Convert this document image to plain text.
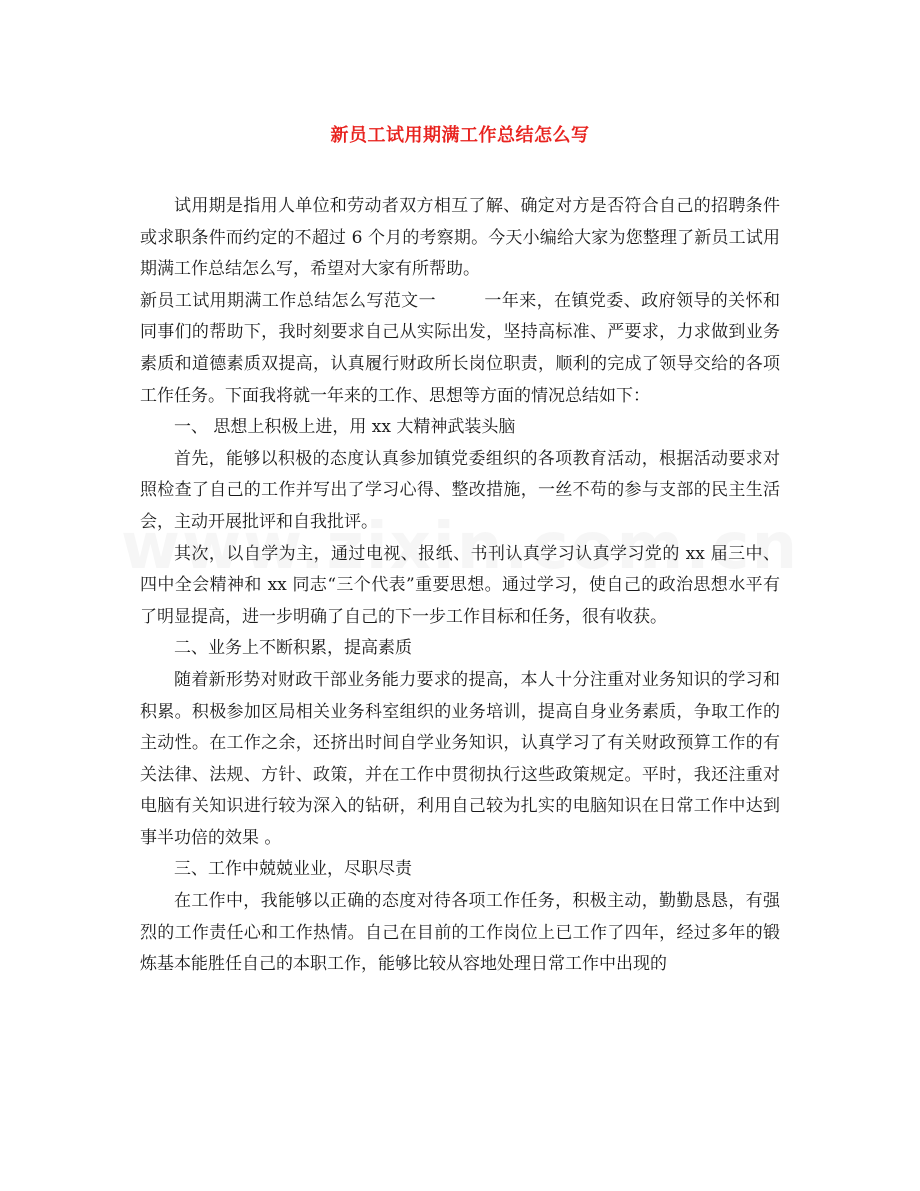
新员工试用期满工作总结怎么写

试用期是指用人单位和劳动者双方相互了解、确定对方是否符合自己的招聘条件或求职条件而约定的不超过 6 个月的考察期。今天小编给大家为您整理了新员工试用期满工作总结怎么写，希望对大家有所帮助。

新员工试用期满工作总结怎么写范文一	一年来，在镇党委、政府领导的关怀和同事们的帮助下，我时刻要求自己从实际出发，坚持高标准、严要求，力求做到业务素质和道德素质双提高，认真履行财政所长岗位职责，顺利的完成了领导交给的各项工作任务。下面我将就一年来的工作、思想等方面的情况总结如下：

一、 思想上积极上进，用 xx 大精神武装头脑

首先，能够以积极的态度认真参加镇党委组织的各项教育活动，根据活动要求对照检查了自己的工作并写出了学习心得、整改措施，一丝不苟的参与支部的民主生活会，主动开展批评和自我批评。

其次，以自学为主，通过电视、报纸、书刊认真学习认真学习党的 xx 届三中、四中全会精神和 xx 同志“三个代表”重要思想。通过学习，使自己的政治思想水平有了明显提高，进一步明确了自己的下一步工作目标和任务，很有收获。

二、业务上不断积累，提高素质

随着新形势对财政干部业务能力要求的提高，本人十分注重对业务知识的学习和积累。积极参加区局相关业务科室组织的业务培训，提高自身业务素质，争取工作的主动性。在工作之余，还挤出时间自学业务知识，认真学习了有关财政预算工作的有关法律、法规、方针、政策，并在工作中贯彻执行这些政策规定。平时，我还注重对电脑有关知识进行较为深入的钻研，利用自己较为扎实的电脑知识在日常工作中达到事半功倍的效果 。

三、工作中兢兢业业，尽职尽责

在工作中，我能够以正确的态度对待各项工作任务，积极主动，勤勤恳恳，有强烈的工作责任心和工作热情。自己在目前的工作岗位上已工作了四年，经过多年的锻炼基本能胜任自己的本职工作，能够比较从容地处理日常工作中出现的
